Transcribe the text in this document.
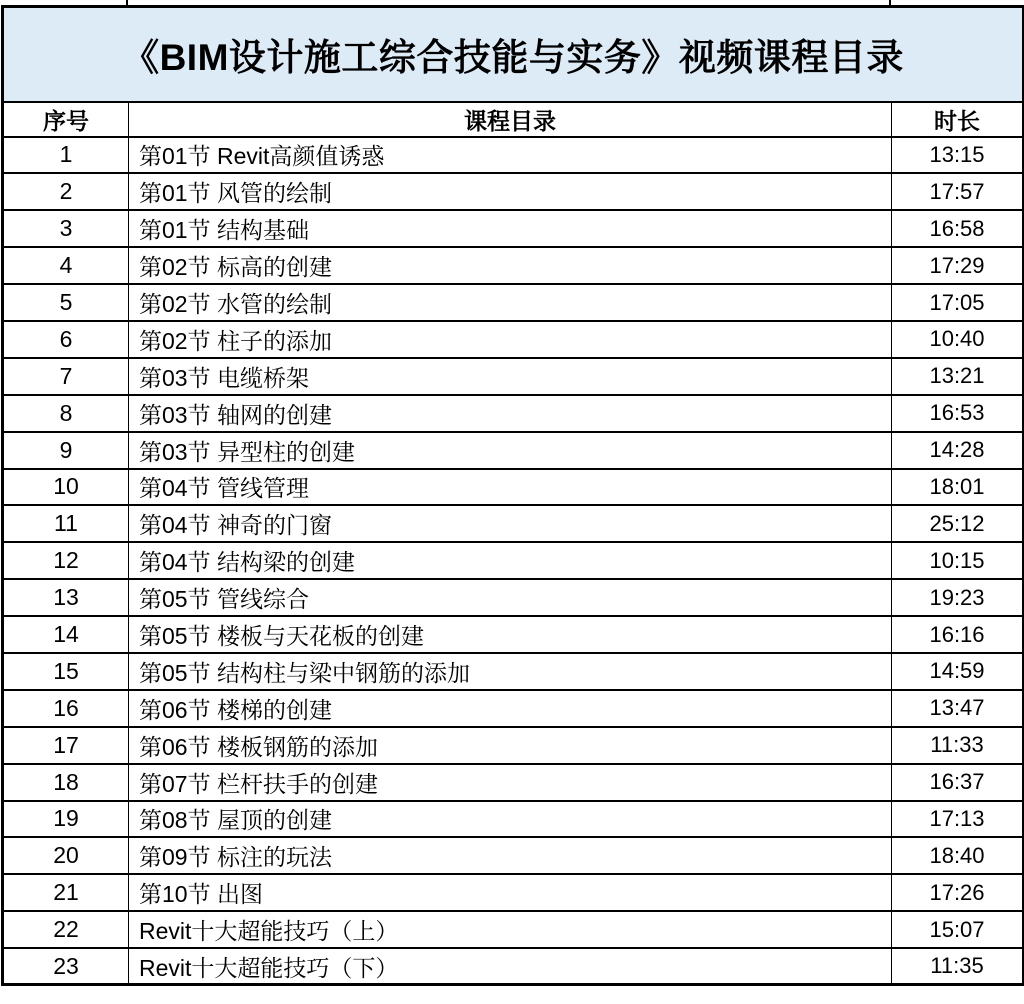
《BIM设计施工综合技能与实务》视频课程目录		
序号	课程目录	时长
1	第01节 Revit高颜值诱惑	13:15
2	第01节 风管的绘制	17:57
3	第01节 结构基础	16:58
4	第02节 标高的创建	17:29
5	第02节 水管的绘制	17:05
6	第02节 柱子的添加	10:40
7	第03节 电缆桥架	13:21
8	第03节 轴网的创建	16:53
9	第03节 异型柱的创建	14:28
10	第04节 管线管理	18:01
11	第04节 神奇的门窗	25:12
12	第04节 结构梁的创建	10:15
13	第05节 管线综合	19:23
14	第05节 楼板与天花板的创建	16:16
15	第05节 结构柱与梁中钢筋的添加	14:59
16	第06节 楼梯的创建	13:47
17	第06节 楼板钢筋的添加	11:33
18	第07节 栏杆扶手的创建	16:37
19	第08节 屋顶的创建	17:13
20	第09节 标注的玩法	18:40
21	第10节 出图	17:26
22	Revit十大超能技巧（上）	15:07
23	Revit十大超能技巧（下）	11:35
